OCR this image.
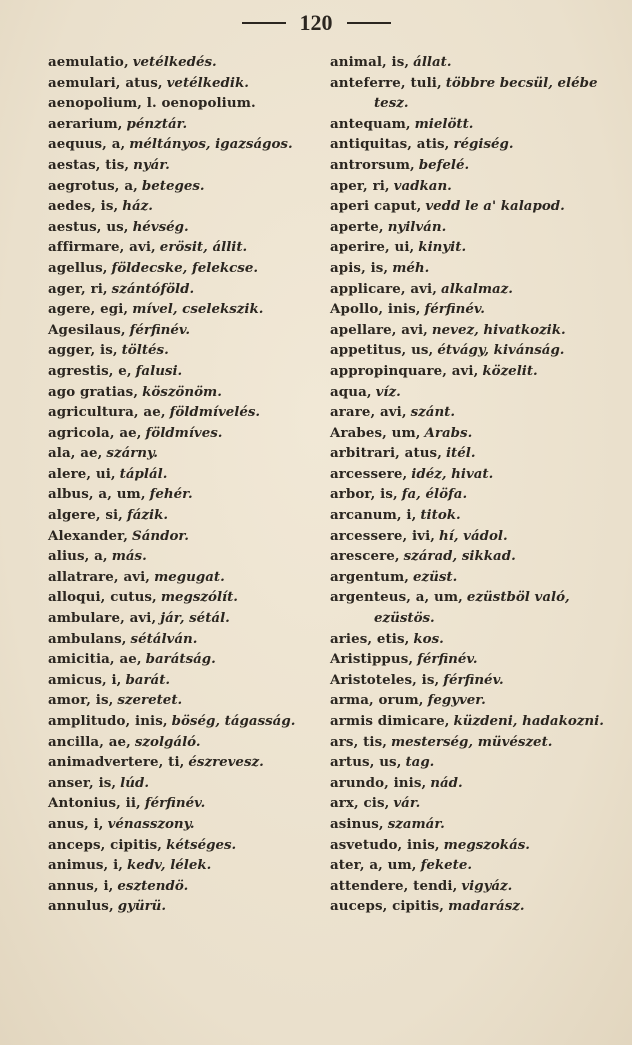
120
aemulatio, vetélkedés.
aemulari, atus, vetélkedik.
aenopolium, l. oenopolium.
aerarium, pénztár.
aequus, a, méltányos, igazságos.
aestas, tis, nyár.
aegrotus, a, beteges.
aedes, is, ház.
aestus, us, hévség.
affirmare, avi, erösit, állit.
agellus, földecske, felekcse.
ager, ri, szántóföld.
agere, egi, mível, cselekszik.
Agesilaus, férfinév.
agger, is, töltés.
agrestis, e, falusi.
ago gratias, köszönöm.
agricultura, ae, földmívelés.
agricola, ae, földmíves.
ala, ae, szárny.
alere, ui, táplál.
albus, a, um, fehér.
algere, si, fázik.
Alexander, Sándor.
alius, a, más.
allatrare, avi, megugat.
alloqui, cutus, megszólít.
ambulare, avi, jár, sétál.
ambulans, sétálván.
amicitia, ae, barátság.
amicus, i, barát.
amor, is, szeretet.
amplitudo, inis, böség, tágasság.
ancilla, ae, szolgáló.
animadvertere, ti, észrevesz.
anser, is, lúd.
Antonius, ii, férfinév.
anus, i, vénasszony.
anceps, cipitis, kétséges.
animus, i, kedv, lélek.
annus, i, esztendö.
annulus, gyürü.
animal, is, állat.
anteferre, tuli, többre becsül, elébe
tesz.
antequam, mielött.
antiquitas, atis, régiség.
antrorsum, befelé.
aper, ri, vadkan.
aperi caput, vedd le a' kalapod.
aperte, nyilván.
aperire, ui, kinyit.
apis, is, méh.
applicare, avi, alkalmaz.
Apollo, inis, férfinév.
apellare, avi, nevez, hivatkozik.
appetitus, us, étvágy, kivánság.
appropinquare, avi, közelit.
aqua, víz.
arare, avi, szánt.
Arabes, um, Arabs.
arbitrari, atus, itél.
arcessere, idéz, hivat.
arbor, is, fa, élöfa.
arcanum, i, titok.
arcessere, ivi, hí, vádol.
arescere, szárad, sikkad.
argentum, ezüst.
argenteus, a, um, ezüstböl való,
ezüstös.
aries, etis, kos.
Aristippus, férfinév.
Aristoteles, is, férfinév.
arma, orum, fegyver.
armis dimicare, küzdeni, hadakozni.
ars, tis, mesterség, müvészet.
artus, us, tag.
arundo, inis, nád.
arx, cis, vár.
asinus, szamár.
asvetudo, inis, megszokás.
ater, a, um, fekete.
attendere, tendi, vigyáz.
auceps, cipitis, madarász.
